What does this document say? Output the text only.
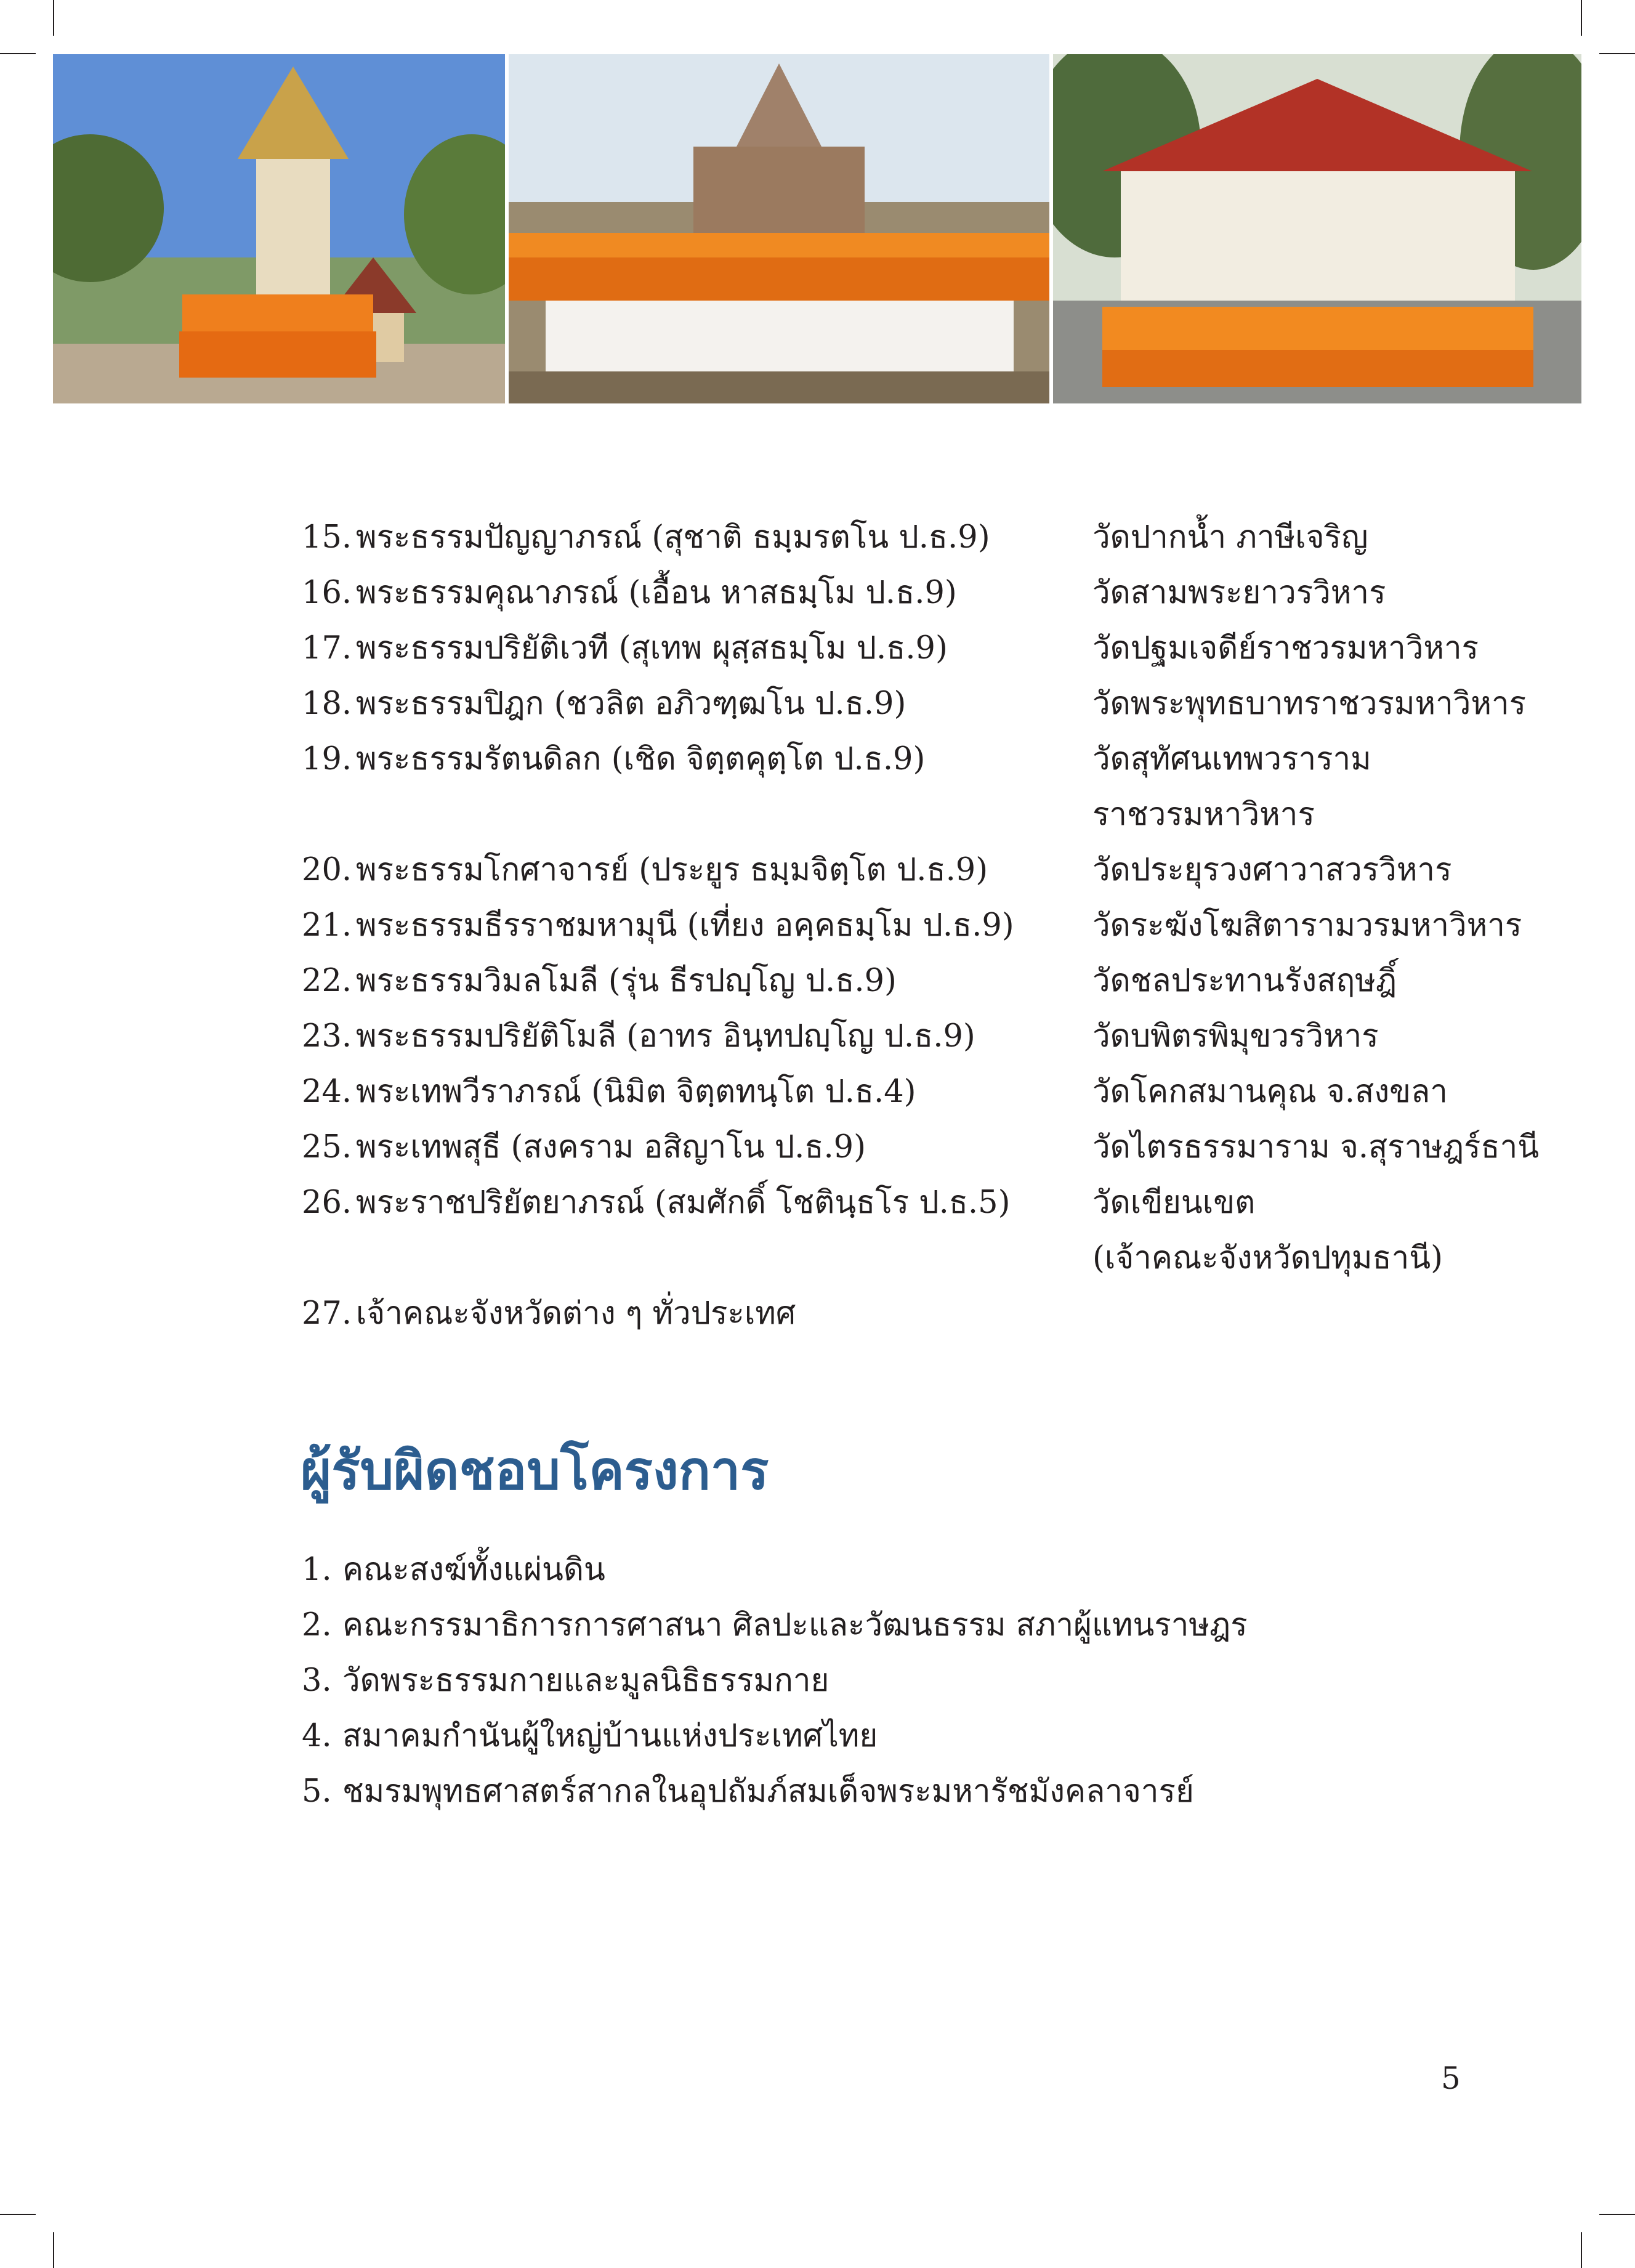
15. พระธรรมปัญญาภรณ์ (สุชาติ ธมฺมรตโน ป.ธ.9)	วัดปากน้ำ ภาษีเจริญ
16. พระธรรมคุณาภรณ์ (เอื้อน หาสธมฺโม ป.ธ.9)	วัดสามพระยาวรวิหาร
17. พระธรรมปริยัติเวที (สุเทพ ผุสฺสธมฺโม ป.ธ.9)	วัดปฐมเจดีย์ราชวรมหาวิหาร
18. พระธรรมปิฎก (ชวลิต อภิวฑฺฒโน ป.ธ.9)	วัดพระพุทธบาทราชวรมหาวิหาร
19. พระธรรมรัตนดิลก (เชิด จิตฺตคุตฺโต ป.ธ.9)	วัดสุทัศนเทพวราราม
ราชวรมหาวิหาร
20. พระธรรมโกศาจารย์ (ประยูร ธมฺมจิตฺโต ป.ธ.9)	วัดประยุรวงศาวาสวรวิหาร
21. พระธรรมธีรราชมหามุนี (เที่ยง อคฺคธมฺโม ป.ธ.9)	วัดระฆังโฆสิตารามวรมหาวิหาร
22. พระธรรมวิมลโมลี (รุ่น ธีรปญฺโญ ป.ธ.9)	วัดชลประทานรังสฤษฎิ์
23. พระธรรมปริยัติโมลี (อาทร อินฺทปญฺโญ ป.ธ.9)	วัดบพิตรพิมุขวรวิหาร
24. พระเทพวีราภรณ์ (นิมิต จิตฺตทนฺโต ป.ธ.4)	วัดโคกสมานคุณ จ.สงขลา
25. พระเทพสุธี (สงคราม อสิญาโน ป.ธ.9)	วัดไตรธรรมาราม จ.สุราษฎร์ธานี
26. พระราชปริยัตยาภรณ์ (สมศักดิ์ โชตินฺธโร ป.ธ.5)	วัดเขียนเขต
(เจ้าคณะจังหวัดปทุมธานี)
27. เจ้าคณะจังหวัดต่าง ๆ ทั่วประเทศ
ผู้รับผิดชอบโครงการ
1. คณะสงฆ์ทั้งแผ่นดิน
2. คณะกรรมาธิการการศาสนา ศิลปะและวัฒนธรรม สภาผู้แทนราษฎร
3. วัดพระธรรมกายและมูลนิธิธรรมกาย
4. สมาคมกำนันผู้ใหญ่บ้านแห่งประเทศไทย
5. ชมรมพุทธศาสตร์สากลในอุปถัมภ์สมเด็จพระมหารัชมังคลาจารย์
5
